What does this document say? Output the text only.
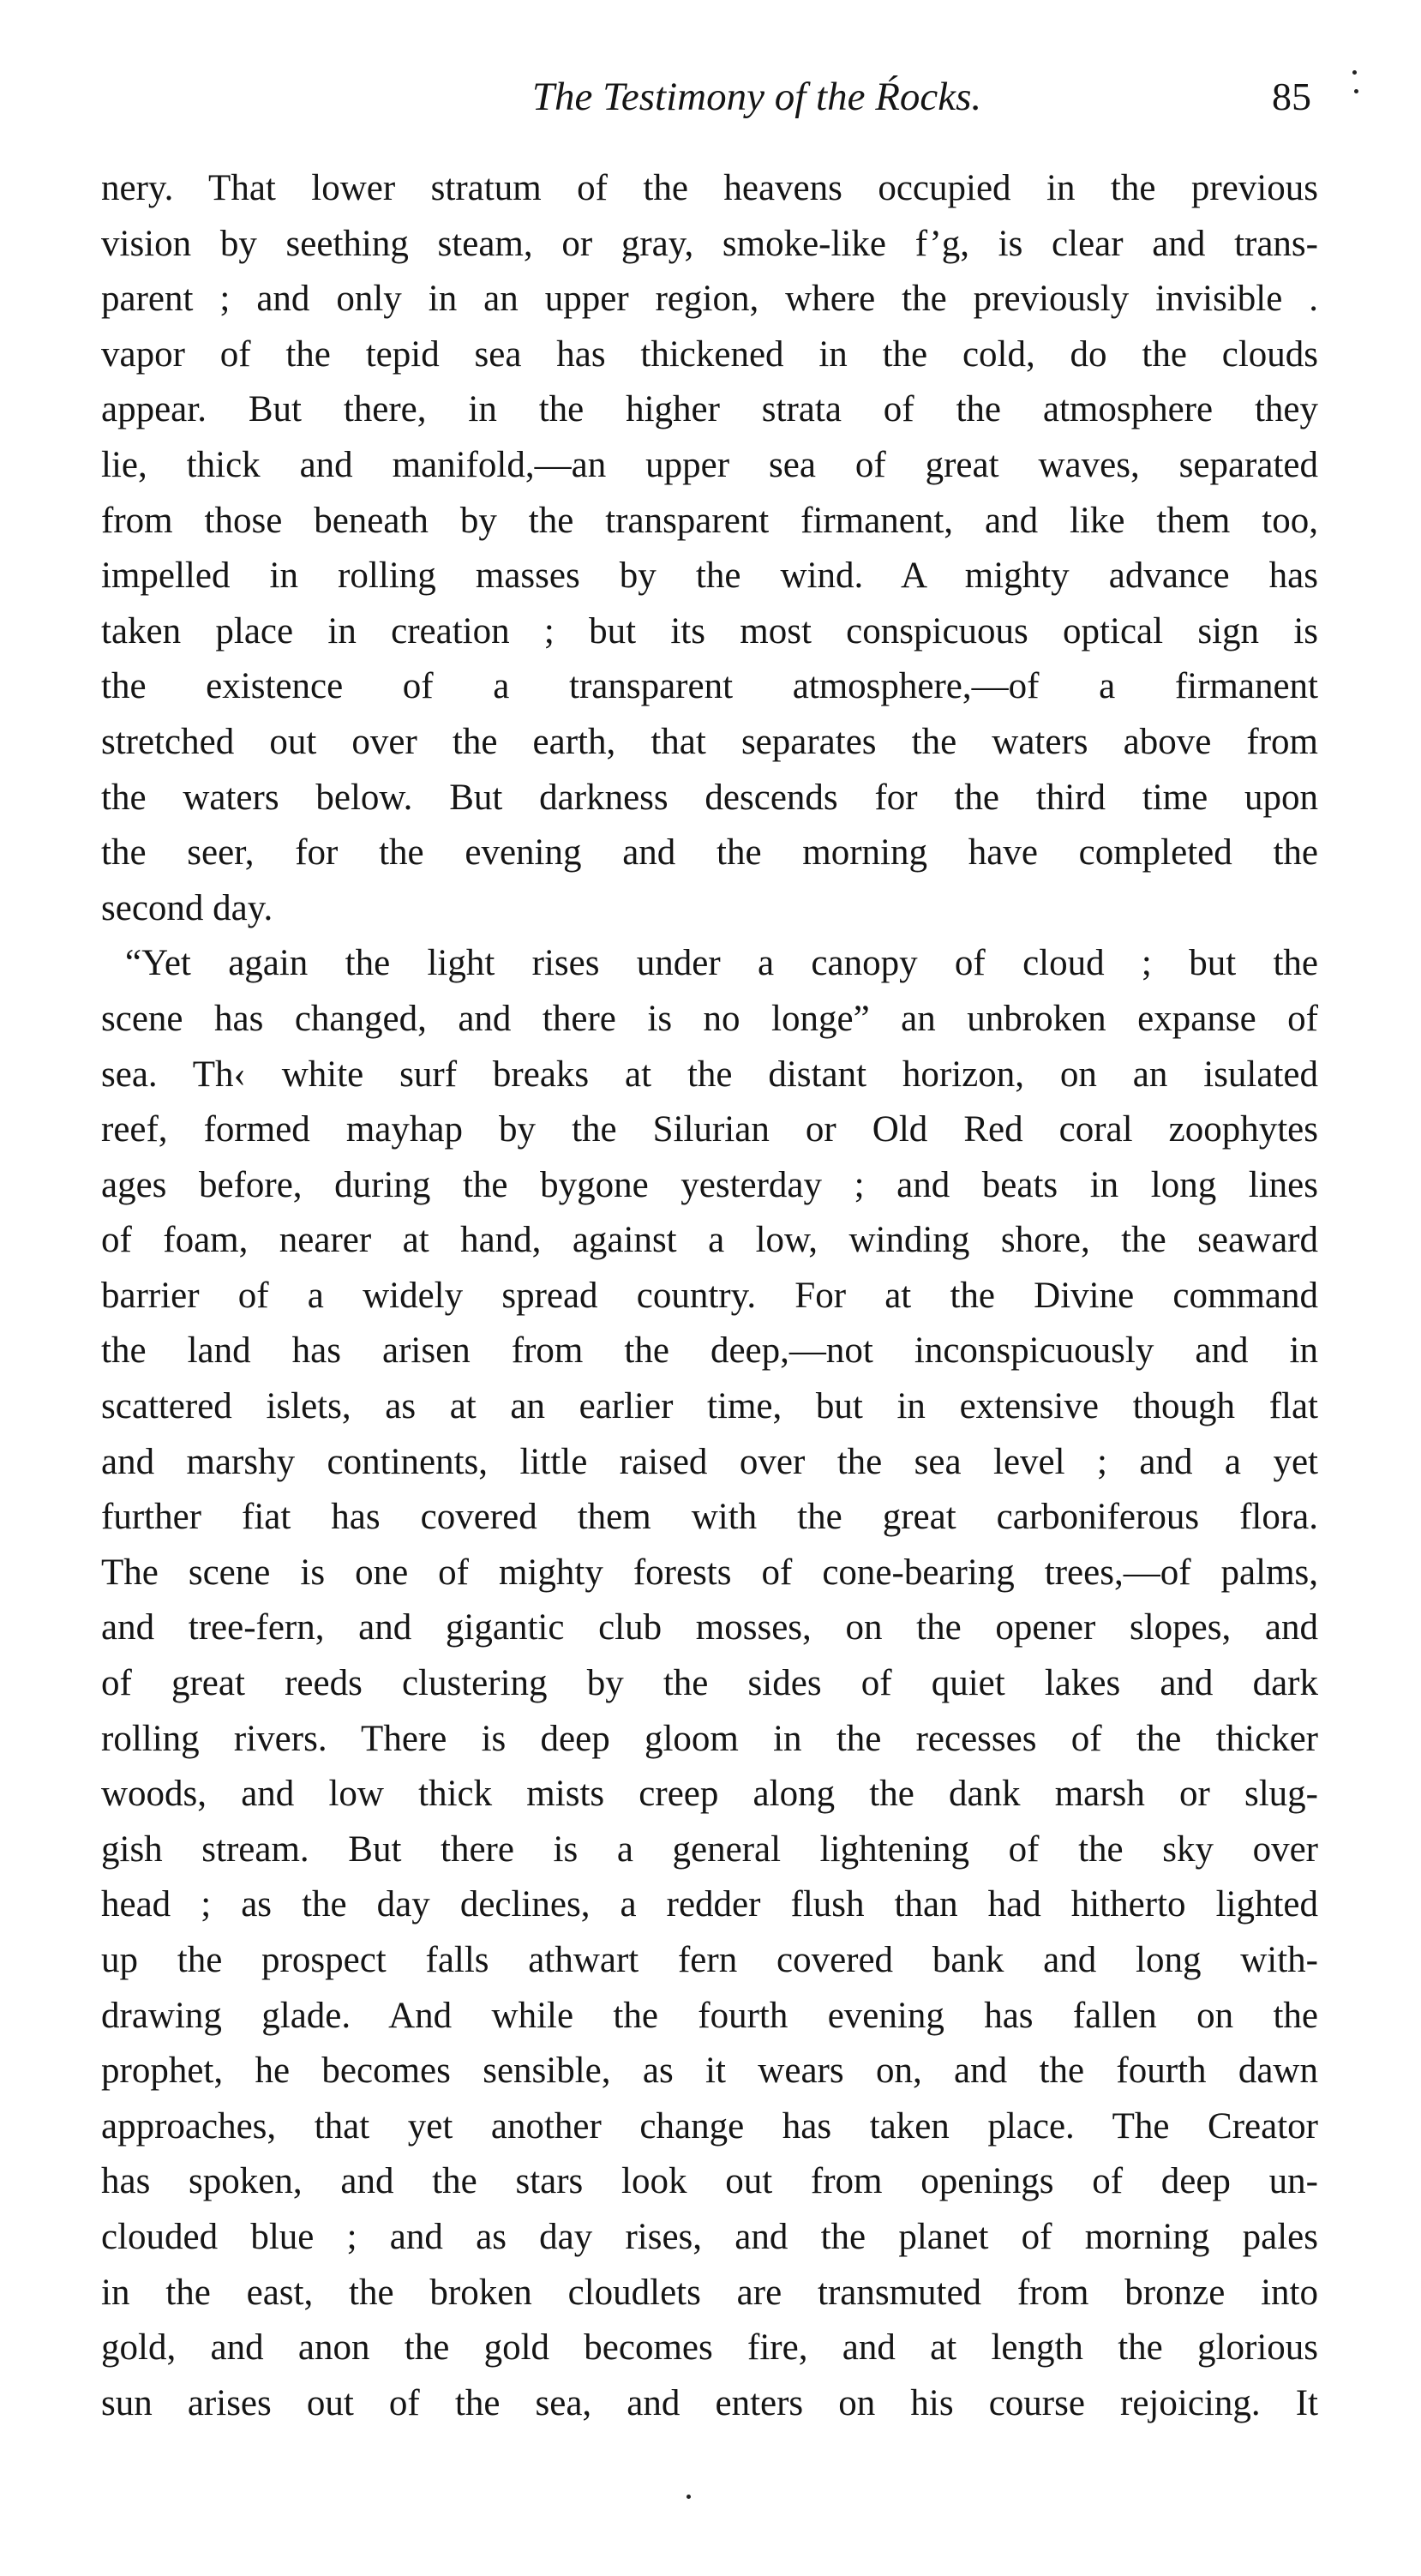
The Testimony of the Ŕocks.	85
nery. That lower stratum of the heavens occupied in the previous
vision by seething steam, or gray, smoke-like f’g, is clear and trans-
parent ; and only in an upper region, where the previously invisible .
vapor of the tepid sea has thickened in the cold, do the clouds
appear. But there, in the higher strata of the atmosphere they
lie, thick and manifold,—an upper sea of great waves, separated
from those beneath by the transparent firmanent, and like them too,
impelled in rolling masses by the wind. A mighty advance has
taken place in creation ; but its most conspicuous optical sign is
the existence of a transparent atmosphere,—of a firmanent
stretched out over the earth, that separates the waters above from
the waters below. But darkness descends for the third time upon
the seer, for the evening and the morning have completed the
second day.
“Yet again the light rises under a canopy of cloud ; but the
scene has changed, and there is no longe” an unbroken expanse of
sea. Th‹ white surf breaks at the distant horizon, on an isulated
reef, formed mayhap by the Silurian or Old Red coral zoophytes
ages before, during the bygone yesterday ; and beats in long lines
of foam, nearer at hand, against a low, winding shore, the seaward
barrier of a widely spread country. For at the Divine command
the land has arisen from the deep,—not inconspicuously and in
scattered islets, as at an earlier time, but in extensive though flat
and marshy continents, little raised over the sea level ; and a yet
further fiat has covered them with the great carboniferous flora.
The scene is one of mighty forests of cone-bearing trees,—of palms,
and tree-fern, and gigantic club mosses, on the opener slopes, and
of great reeds clustering by the sides of quiet lakes and dark
rolling rivers. There is deep gloom in the recesses of the thicker
woods, and low thick mists creep along the dank marsh or slug-
gish stream. But there is a general lightening of the sky over
head ; as the day declines, a redder flush than had hitherto lighted
up the prospect falls athwart fern covered bank and long with-
drawing glade. And while the fourth evening has fallen on the
prophet, he becomes sensible, as it wears on, and the fourth dawn
approaches, that yet another change has taken place. The Creator
has spoken, and the stars look out from openings of deep un-
clouded blue ; and as day rises, and the planet of morning pales
in the east, the broken cloudlets are transmuted from bronze into
gold, and anon the gold becomes fire, and at length the glorious
sun arises out of the sea, and enters on his course rejoicing. It
